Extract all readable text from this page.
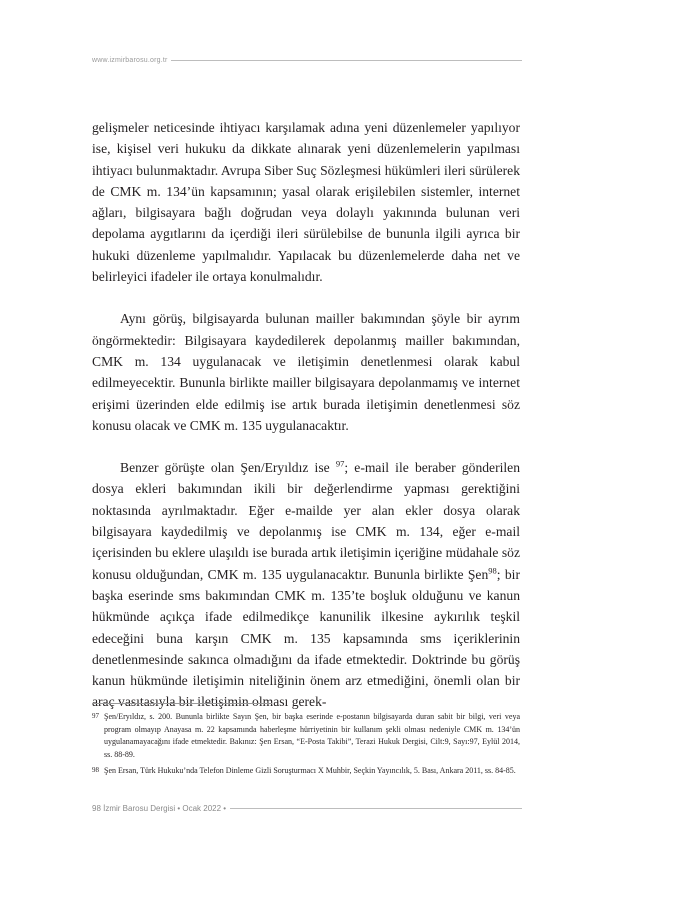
www.izmirbarosu.org.tr

gelişmeler neticesinde ihtiyacı karşılamak adına yeni düzenlemeler yapılıyor ise, kişisel veri hukuku da dikkate alınarak yeni düzenlemelerin yapılması ihtiyacı bulunmaktadır. Avrupa Siber Suç Sözleşmesi hükümleri ileri sürülerek de CMK m. 134’ün kapsamının; yasal olarak erişilebilen sistemler, internet ağları, bilgisayara bağlı doğrudan veya dolaylı yakınında bulunan veri depolama aygıtlarını da içerdiği ileri sürülebilse de bununla ilgili ayrıca bir hukuki düzenleme yapılmalıdır. Yapılacak bu düzenlemelerde daha net ve belirleyici ifadeler ile ortaya konulmalıdır.

Aynı görüş, bilgisayarda bulunan mailler bakımından şöyle bir ayrım öngörmektedir: Bilgisayara kaydedilerek depolanmış mailler bakımından, CMK m. 134 uygulanacak ve iletişimin denetlenmesi olarak kabul edilmeyecektir. Bununla birlikte mailler bilgisayara depolanmamış ve internet erişimi üzerinden elde edilmiş ise artık burada iletişimin denetlenmesi söz konusu olacak ve CMK m. 135 uygulanacaktır.

Benzer görüşte olan Şen/Eryıldız ise $^{97}$; e-mail ile beraber gönderilen dosya ekleri bakımından ikili bir değerlendirme yapması gerektiğini noktasında ayrılmaktadır. Eğer e-mailde yer alan ekler dosya olarak bilgisayara kaydedilmiş ve depolanmış ise CMK m. 134, eğer e-mail içerisinden bu eklere ulaşıldı ise burada artık iletişimin içeriğine müdahale söz konusu olduğundan, CMK m. 135 uygulanacaktır. Bununla birlikte Şen$^{98}$; bir başka eserinde sms bakımından CMK m. 135’te boşluk olduğunu ve kanun hükmünde açıkça ifade edilmedikçe kanunilik ilkesine aykırılık teşkil edeceğini buna karşın CMK m. 135 kapsamında sms içeriklerinin denetlenmesinde sakınca olmadığını da ifade etmektedir. Doktrinde bu görüş kanun hükmünde iletişimin niteliğinin önem arz etmediğini, önemli olan bir araç vasıtasıyla bir iletişimin olması gerek-

97 Şen/Eryıldız, s. 200. Bununla birlikte Sayın Şen, bir başka eserinde e-postanın bilgisayarda duran sabit bir bilgi, veri veya program olmayıp Anayasa m. 22 kapsamında haberleşme hürriyetinin bir kullanım şekli olması nedeniyle CMK m. 134’ün uygulanamayacağını ifade etmektedir. Bakınız: Şen Ersan, “E-Posta Takibi”, Terazi Hukuk Dergisi, Cilt:9, Sayı:97, Eylül 2014, ss. 88-89.
98 Şen Ersan, Türk Hukuku’nda Telefon Dinleme Gizli Soruşturmacı X Muhbir, Seçkin Yayıncılık, 5. Bası, Ankara 2011, ss. 84-85.
98 İzmir Barosu Dergisi • Ocak 2022 •
